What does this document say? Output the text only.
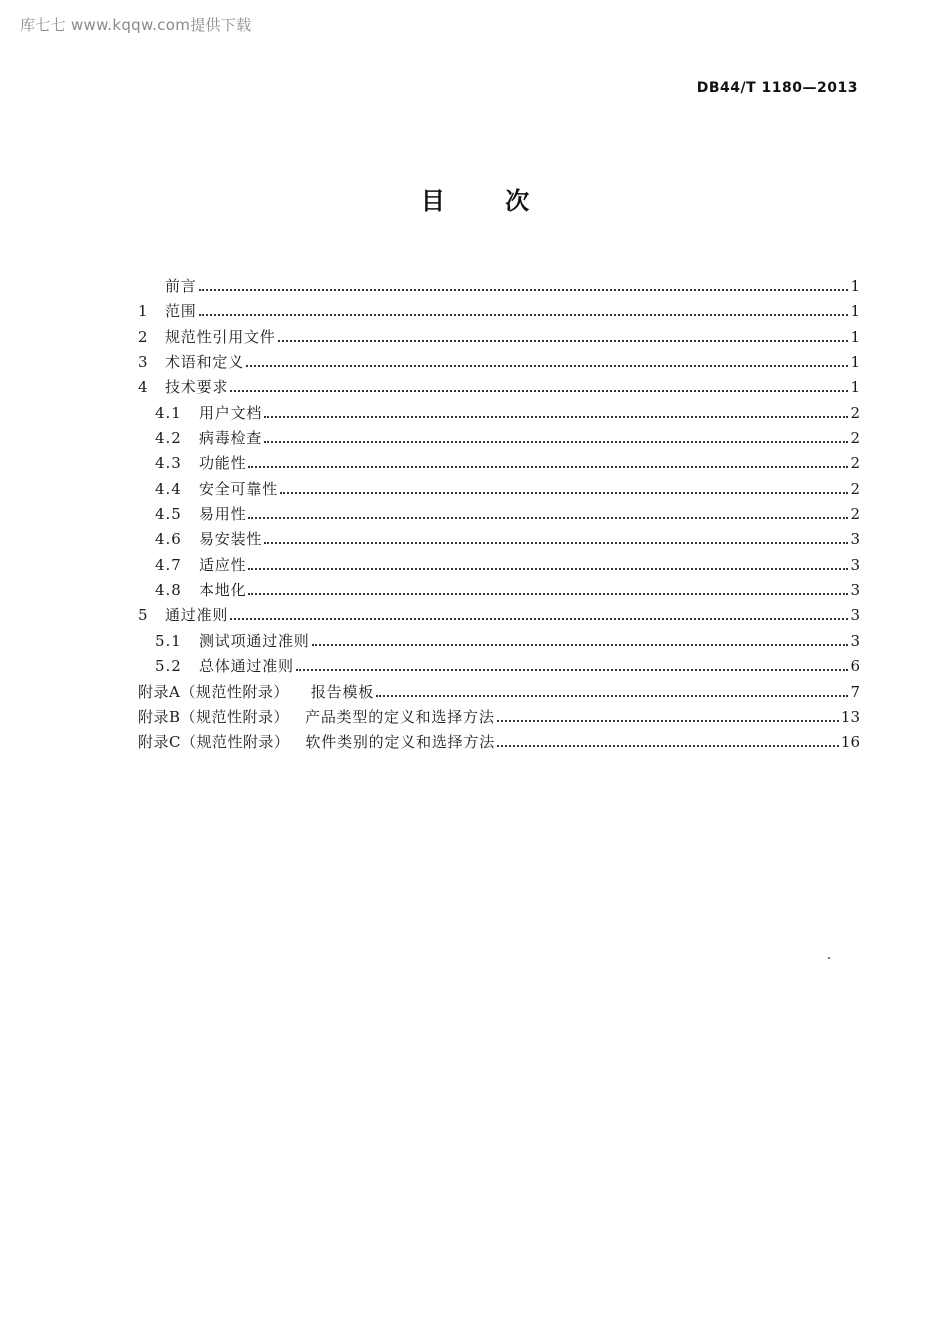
库七七 www.kqqw.com提供下载
DB44/T 1180—2013
目 次
前言	1
1	范围	1
2	规范性引用文件	1
3	术语和定义	1
4	技术要求	1
4.1	用户文档	2
4.2	病毒检查	2
4.3	功能性	2
4.4	安全可靠性	2
4.5	易用性	2
4.6	易安装性	3
4.7	适应性	3
4.8	本地化	3
5	通过准则	3
5.1	测试项通过准则	3
5.2	总体通过准则	6
附录A（规范性附录） 报告模板	7
附录B（规范性附录） 产品类型的定义和选择方法	13
附录C（规范性附录） 软件类别的定义和选择方法	16
